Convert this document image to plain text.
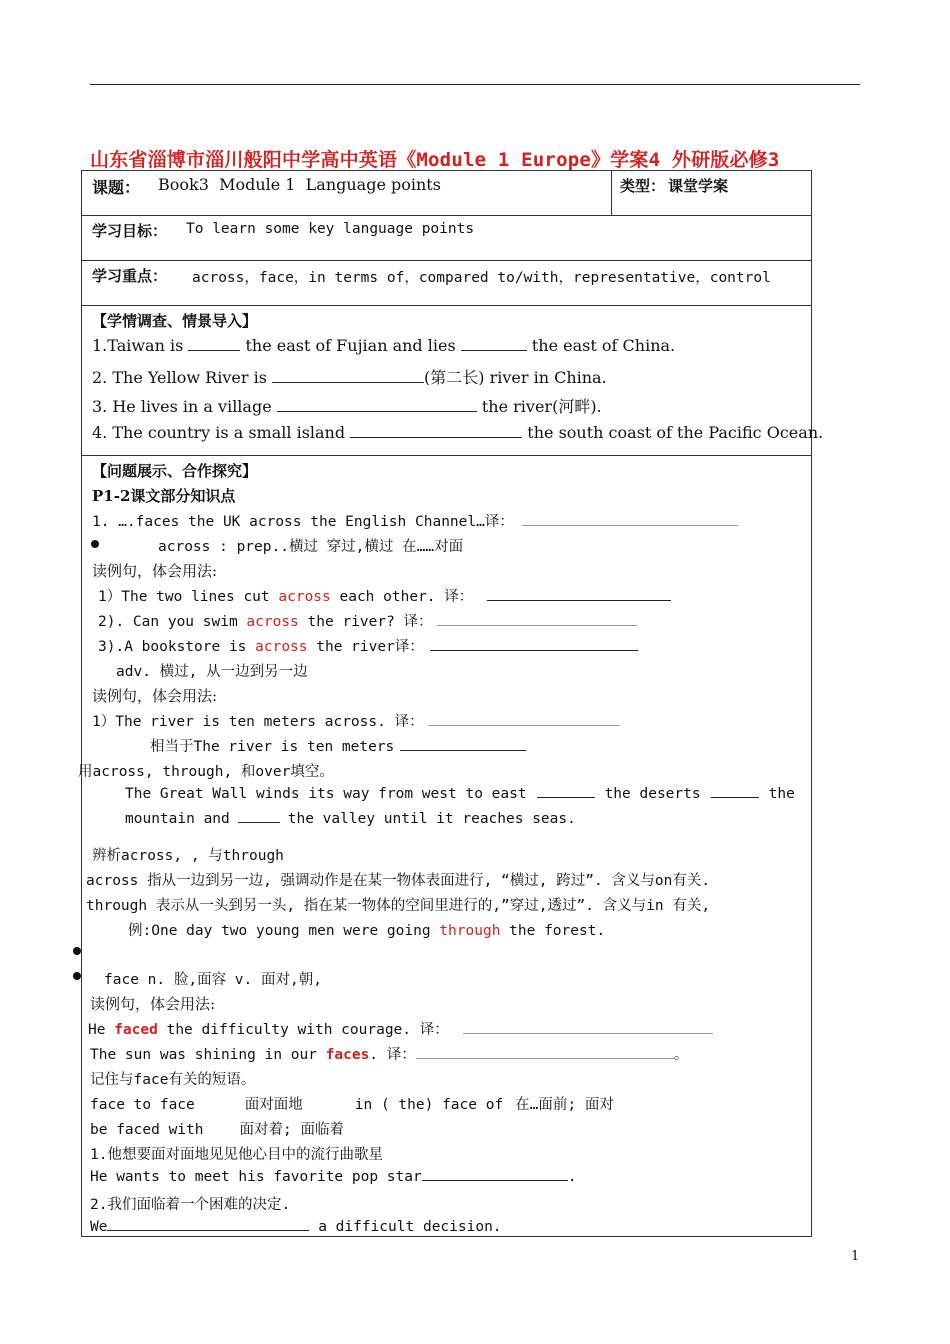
山东省淄博市淄川般阳中学高中英语《Module 1 Europe》学案4 外研版必修3
课题： Book3  Module 1  Language points	类型： 课堂学案
学习目标： To learn some key language points
学习重点： across，face，in terms of，compared to/with，representative，control
【学情调查、情景导入】
1.Taiwan is	the east of Fujian and lies	the east of China.
2. The Yellow River is	(第二长) river in China.
3. He lives in a village	the river(河畔).
4. The country is a small island	the south coast of the Pacific Ocean.
【问题展示、合作探究】
P1-2课文部分知识点
1. ….faces the UK across the English Channel…译：
across : prep..横过 穿过,横过 在……对面
读例句，体会用法:
1）The two lines cut across each other. 译：
2). Can you swim across the river? 译：
3).A bookstore is across the river译：
adv. 横过, 从一边到另一边
读例句，体会用法:
1）The river is ten meters across. 译：
相当于The river is ten meters
用across, through, 和over填空。
The Great Wall winds its way from west to east	the deserts	the
mountain and	the valley until it reaches seas.
辨析across, , 与through
across 指从一边到另一边, 强调动作是在某一物体表面进行, “横过, 跨过”. 含义与on有关.
through 表示从一头到另一头, 指在某一物体的空间里进行的,”穿过,透过”. 含义与in 有关,
例:One day two young men were going through the forest.
face n. 脸,面容 v. 面对,朝,
读例句，体会用法:
He faced the difficulty with courage. 译：
The sun was shining in our faces. 译：	。
记住与face有关的短语。
face to face	面对面地	in ( the) face of 在…面前; 面对
be faced with 面对着; 面临着
1.他想要面对面地见见他心目中的流行曲歌星
He wants to meet his favorite pop star	.
2.我们面临着一个困难的决定.
We	a difficult decision.
1
